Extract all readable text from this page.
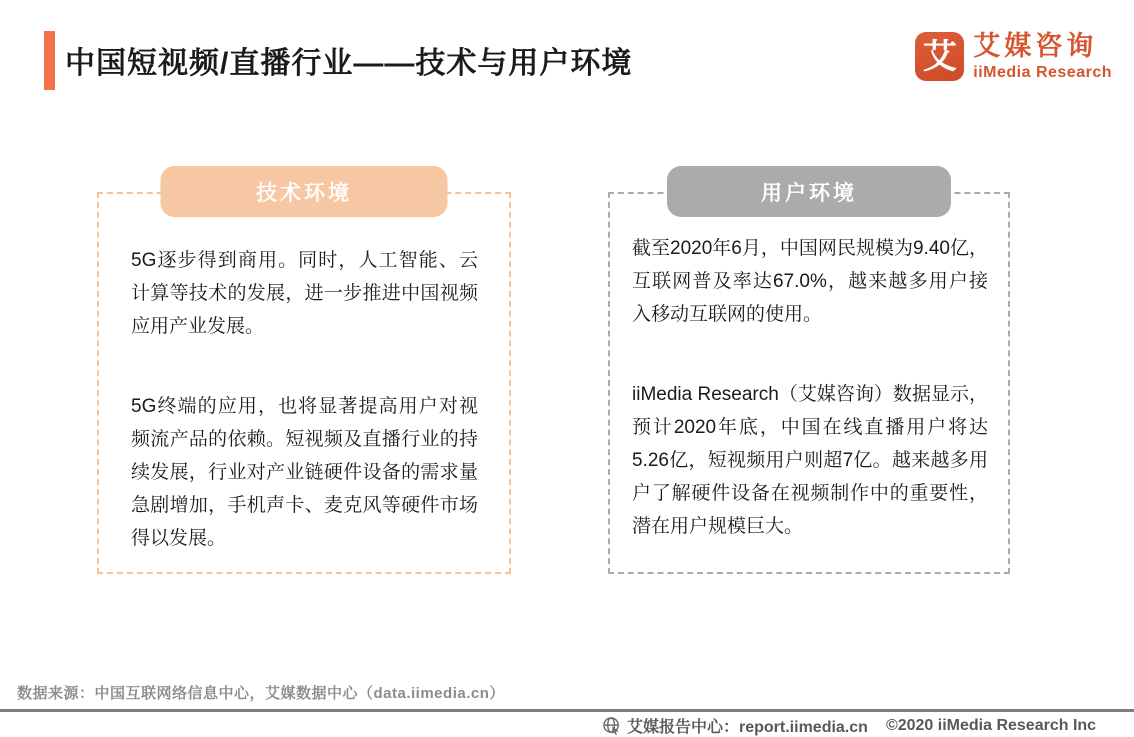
中国短视频/直播行业——技术与用户环境	艾 艾媒咨询
iiMedia Research
技术环境

5G逐步得到商用。同时，人工智能、云计算等技术的发展，进一步推进中国视频应用产业发展。

5G终端的应用，也将显著提高用户对视频流产品的依赖。短视频及直播行业的持续发展，行业对产业链硬件设备的需求量急剧增加，手机声卡、麦克风等硬件市场得以发展。

用户环境

截至2020年6月，中国网民规模为9.40亿，互联网普及率达67.0%，越来越多用户接入移动互联网的使用。

iiMedia Research（艾媒咨询）数据显示，预计2020年底，中国在线直播用户将达5.26亿，短视频用户则超7亿。越来越多用户了解硬件设备在视频制作中的重要性，潜在用户规模巨大。

数据来源：中国互联网络信息中心，艾媒数据中心（data.iimedia.cn）
艾媒报告中心：report.iimedia.cn ©2020 iiMedia Research Inc
